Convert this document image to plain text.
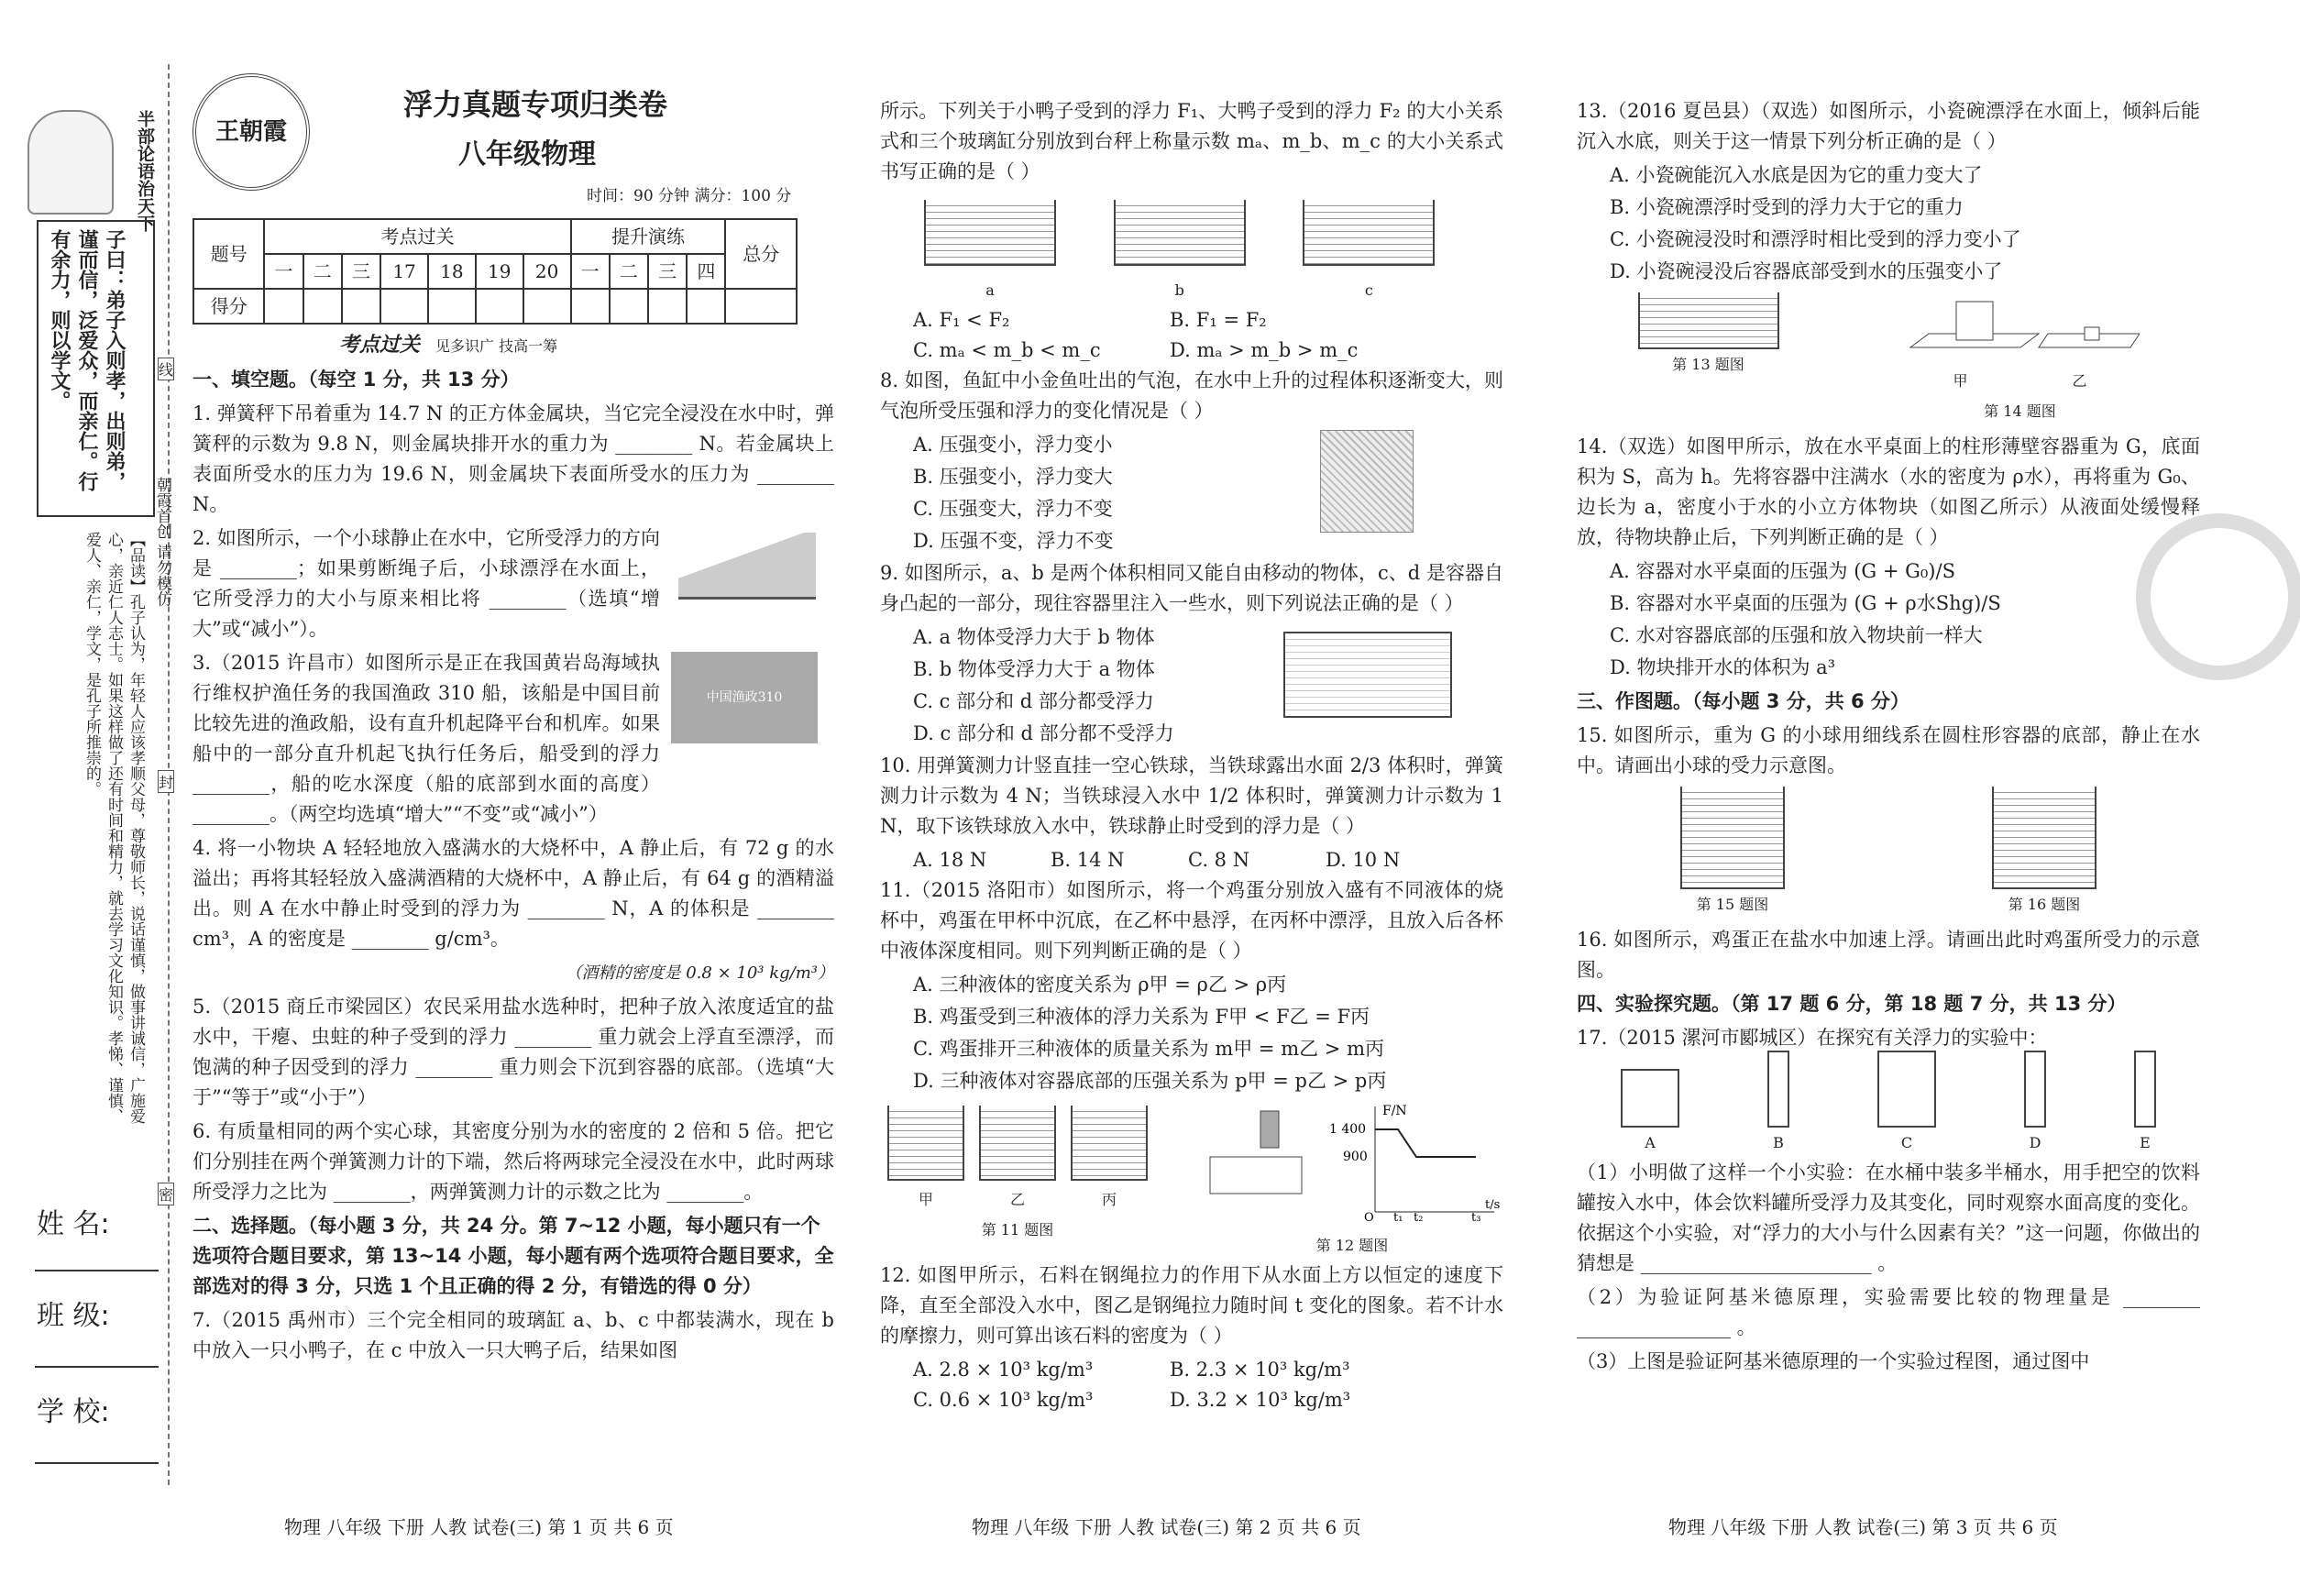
半部论语治天下
子曰：弟子入则孝，出则弟，谨而信，泛爱众，而亲仁。行有余力，则以学文。
【品读】孔子认为，年轻人应该孝顺父母，尊敬师长，说话谨慎，做事讲诚信，广施爱心，亲近仁人志士。如果这样做了还有时间和精力，就去学习文化知识。孝悌、谨慎、爱人、亲仁，学文，是孔子所推崇的。	朝霞首创 请勿模仿
线
封
密
姓 名:
班 级:
学 校:
王朝霞
浮力真题专项归类卷
八年级物理
时间：90 分钟 满分：100 分
题号	考点过关							提升演练				总分
	一	二	三	17	18	19	20	一	二	三	四	
得分												
考点过关 见多识广 技高一筹
一、填空题。（每空 1 分，共 13 分）

1. 弹簧秤下吊着重为 14.7 N 的正方体金属块，当它完全浸没在水中时，弹簧秤的示数为 9.8 N，则金属块排开水的重力为 ________ N。若金属块上表面所受水的压力为 19.6 N，则金属块下表面所受水的压力为 ________ N。

2. 如图所示，一个小球静止在水中，它所受浮力的方向是 ________；如果剪断绳子后，小球漂浮在水面上，它所受浮力的大小与原来相比将 ________（选填“增大”或“减小”）。

3.（2015 许昌市）如图所示是正在我国黄岩岛海域执行维权护渔任务的我国渔政 310 船，该船是中国目前比较先进的渔政船，设有直升机起降平台和机库。如果船中的一部分直升机起飞执行任务后，船受到的浮力 ________，船的吃水深度（船的底部到水面的高度）________。（两空均选填“增大”“不变”或“减小”）

中国渔政310

4. 将一小物块 A 轻轻地放入盛满水的大烧杯中，A 静止后，有 72 g 的水溢出；再将其轻轻放入盛满酒精的大烧杯中，A 静止后，有 64 g 的酒精溢出。则 A 在水中静止时受到的浮力为 ________ N，A 的体积是 ________ cm³，A 的密度是 ________ g/cm³。

（酒精的密度是 0.8 × 10³ kg/m³）

5.（2015 商丘市梁园区）农民采用盐水选种时，把种子放入浓度适宜的盐水中，干瘪、虫蛀的种子受到的浮力 ________ 重力就会上浮直至漂浮，而饱满的种子因受到的浮力 ________ 重力则会下沉到容器的底部。（选填“大于”“等于”或“小于”）

6. 有质量相同的两个实心球，其密度分别为水的密度的 2 倍和 5 倍。把它们分别挂在两个弹簧测力计的下端，然后将两球完全浸没在水中，此时两球所受浮力之比为 ________，两弹簧测力计的示数之比为 ________。

二、选择题。（每小题 3 分，共 24 分。第 7~12 小题，每小题只有一个选项符合题目要求，第 13~14 小题，每小题有两个选项符合题目要求，全部选对的得 3 分，只选 1 个且正确的得 2 分，有错选的得 0 分）

7.（2015 禹州市）三个完全相同的玻璃缸 a、b、c 中都装满水，现在 b 中放入一只小鸭子，在 c 中放入一只大鸭子后，结果如图

所示。下列关于小鸭子受到的浮力 F₁、大鸭子受到的浮力 F₂ 的大小关系式和三个玻璃缸分别放到台秤上称量示数 mₐ、m_b、m_c 的大小关系式书写正确的是（ ）

a
	b
	c
A. F₁ < F₂	B. F₁ = F₂
C. mₐ < m_b < m_c	D. mₐ > m_b > m_c

8. 如图，鱼缸中小金鱼吐出的气泡，在水中上升的过程体积逐渐变大，则气泡所受压强和浮力的变化情况是（ ）

A. 压强变小，浮力变小
B. 压强变小，浮力变大
C. 压强变大，浮力不变
D. 压强不变，浮力不变

9. 如图所示，a、b 是两个体积相同又能自由移动的物体，c、d 是容器自身凸起的一部分，现往容器里注入一些水，则下列说法正确的是（ ）

A. a 物体受浮力大于 b 物体
B. b 物体受浮力大于 a 物体
C. c 部分和 d 部分都受浮力
D. c 部分和 d 部分都不受浮力

10. 用弹簧测力计竖直挂一空心铁球，当铁球露出水面 2/3 体积时，弹簧测力计示数为 4 N；当铁球浸入水中 1/2 体积时，弹簧测力计示数为 1 N，取下该铁球放入水中，铁球静止时受到的浮力是（ ）

A. 18 N	B. 14 N	C. 8 N	D. 10 N

11.（2015 洛阳市）如图所示，将一个鸡蛋分别放入盛有不同液体的烧杯中，鸡蛋在甲杯中沉底，在乙杯中悬浮，在丙杯中漂浮，且放入后各杯中液体深度相同。则下列判断正确的是（ ）

A. 三种液体的密度关系为 ρ甲 = ρ乙 > ρ丙
B. 鸡蛋受到三种液体的浮力关系为 F甲 < F乙 = F丙
C. 鸡蛋排开三种液体的质量关系为 m甲 = m乙 > m丙
D. 三种液体对容器底部的压强关系为 p甲 = p乙 > p丙
甲	乙	丙
第 11 题图
F/N
1 400
900
O t₁ t₂	t₃
t/s
第 12 题图

12. 如图甲所示，石料在钢绳拉力的作用下从水面上方以恒定的速度下降，直至全部没入水中，图乙是钢绳拉力随时间 t 变化的图象。若不计水的摩擦力，则可算出该石料的密度为（ ）

A. 2.8 × 10³ kg/m³	B. 2.3 × 10³ kg/m³
C. 0.6 × 10³ kg/m³	D. 3.2 × 10³ kg/m³

13.（2016 夏邑县）（双选）如图所示，小瓷碗漂浮在水面上，倾斜后能沉入水底，则关于这一情景下列分析正确的是（ ）

A. 小瓷碗能沉入水底是因为它的重力变大了
B. 小瓷碗漂浮时受到的浮力大于它的重力
C. 小瓷碗浸没时和漂浮时相比受到的浮力变小了
D. 小瓷碗浸没后容器底部受到水的压强变小了
第 13 题图
甲	乙
第 14 题图

14.（双选）如图甲所示，放在水平桌面上的柱形薄壁容器重为 G，底面积为 S，高为 h。先将容器中注满水（水的密度为 ρ水），再将重为 G₀、边长为 a，密度小于水的小立方体物块（如图乙所示）从液面处缓慢释放，待物块静止后，下列判断正确的是（ ）

A. 容器对水平桌面的压强为 (G + G₀)/S
B. 容器对水平桌面的压强为 (G + ρ水Shg)/S
C. 水对容器底部的压强和放入物块前一样大
D. 物块排开水的体积为 a³
三、作图题。（每小题 3 分，共 6 分）

15. 如图所示，重为 G 的小球用细线系在圆柱形容器的底部，静止在水中。请画出小球的受力示意图。

第 15 题图	第 16 题图

16. 如图所示，鸡蛋正在盐水中加速上浮。请画出此时鸡蛋所受力的示意图。

四、实验探究题。（第 17 题 6 分，第 18 题 7 分，共 13 分）

17.（2015 漯河市郾城区）在探究有关浮力的实验中：

A	B	C	D	E

（1）小明做了这样一个小实验：在水桶中装多半桶水，用手把空的饮料罐按入水中，体会饮料罐所受浮力及其变化，同时观察水面高度的变化。依据这个小实验，对“浮力的大小与什么因素有关？”这一问题，你做出的猜想是 ________________________ 。

（2）为验证阿基米德原理，实验需要比较的物理量是 ________ ________________ 。

（3）上图是验证阿基米德原理的一个实验过程图，通过图中

物理 八年级 下册 人教 试卷(三) 第 1 页 共 6 页	物理 八年级 下册 人教 试卷(三) 第 2 页 共 6 页	物理 八年级 下册 人教 试卷(三) 第 3 页 共 6 页
